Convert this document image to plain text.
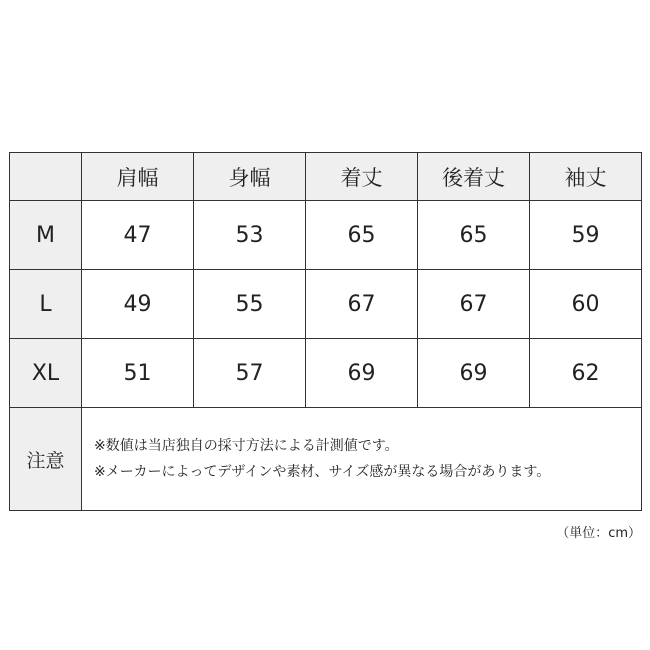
	肩幅	身幅	着丈	後着丈	袖丈
M	47	53	65	65	59
L	49	55	67	67	60
XL	51	57	69	69	62
注意	※数値は当店独自の採寸方法による計測値です。
※メーカーによってデザインや素材、サイズ感が異なる場合があります。				
（単位：cm）
